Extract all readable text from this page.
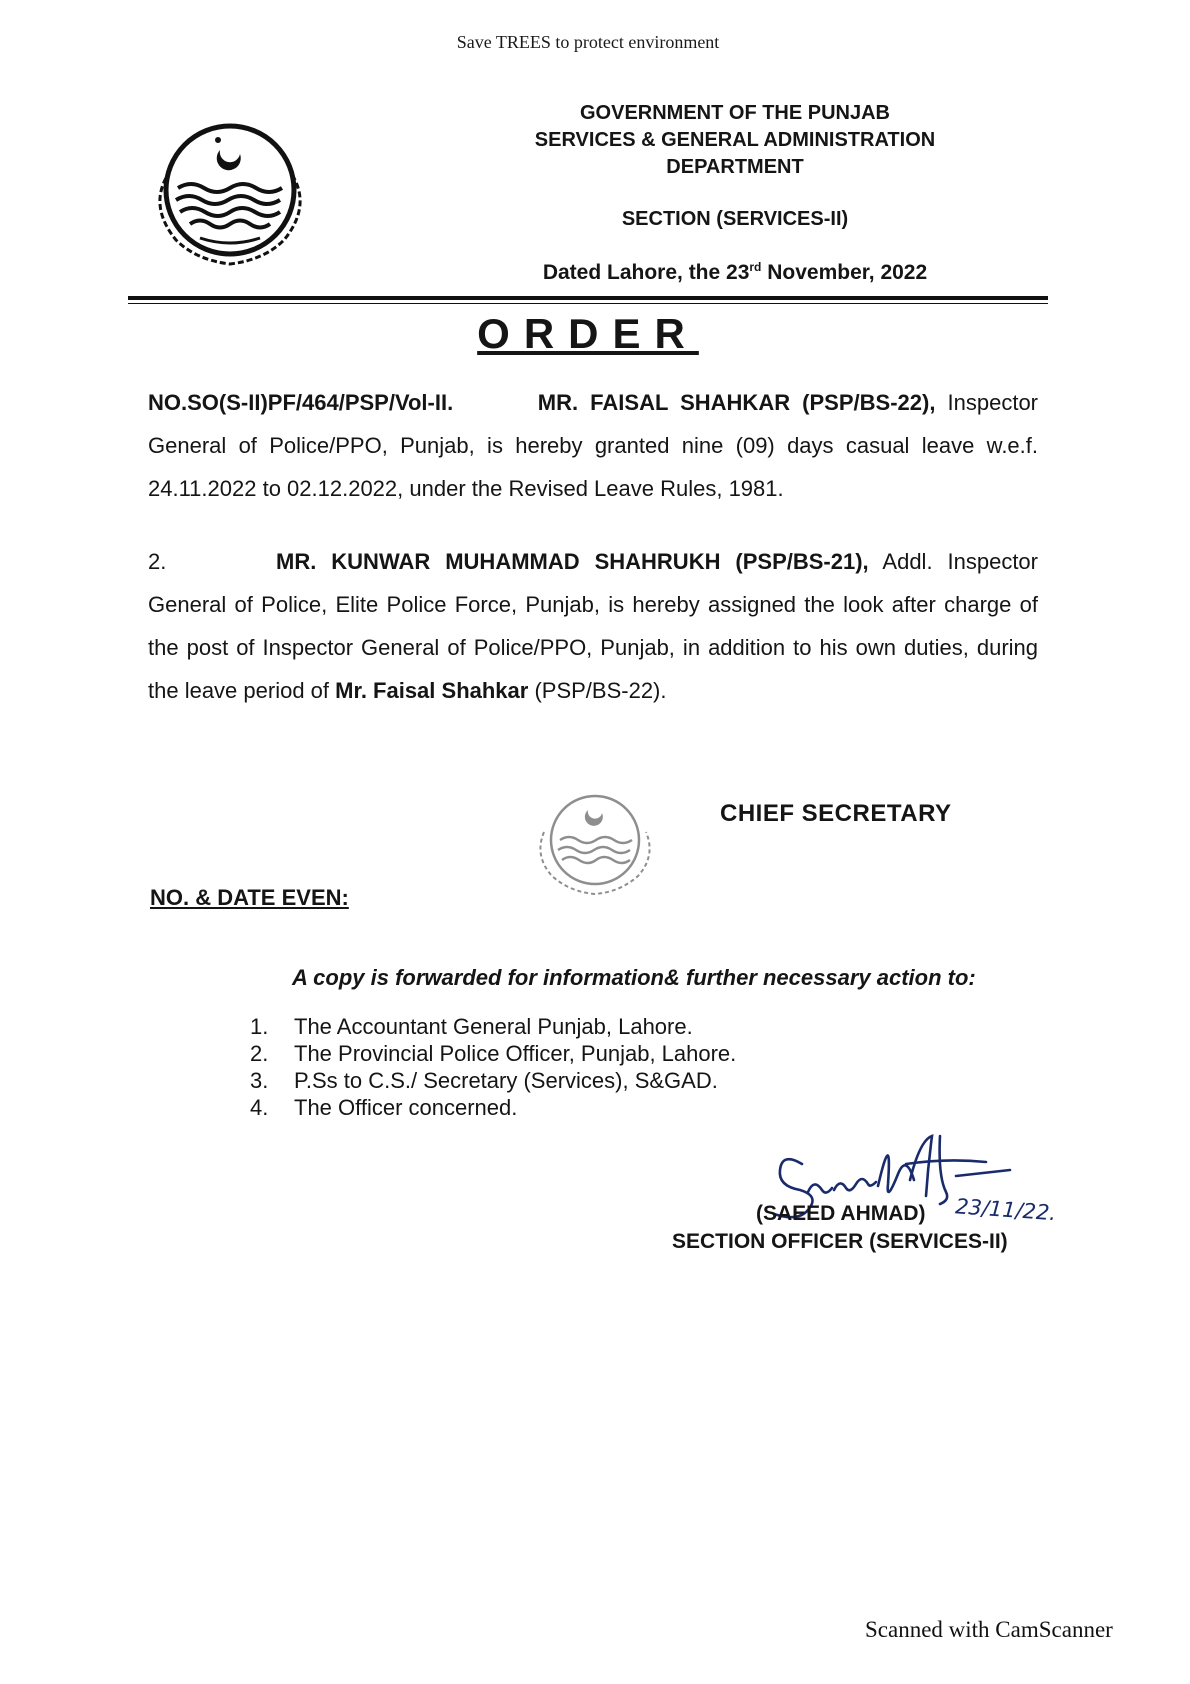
Save TREES to protect environment
GOVERNMENT OF THE PUNJAB
SERVICES & GENERAL ADMINISTRATION
DEPARTMENT
SECTION (SERVICES-II)
Dated Lahore, the 23rd November, 2022
ORDER
NO.SO(S-II)PF/464/PSP/Vol-II.	MR. FAISAL SHAHKAR (PSP/BS-22), Inspector General of Police/PPO, Punjab, is hereby granted nine (09) days casual leave w.e.f. 24.11.2022 to 02.12.2022, under the Revised Leave Rules, 1981.
2.	MR. KUNWAR MUHAMMAD SHAHRUKH (PSP/BS-21), Addl. Inspector General of Police, Elite Police Force, Punjab, is hereby assigned the look after charge of the post of Inspector General of Police/PPO, Punjab, in addition to his own duties, during the leave period of Mr. Faisal Shahkar (PSP/BS-22).
CHIEF SECRETARY
NO. & DATE EVEN:
A copy is forwarded for information& further necessary action to:
1. The Accountant General Punjab, Lahore.
2. The Provincial Police Officer, Punjab, Lahore.
3. P.Ss to C.S./ Secretary (Services), S&GAD.
4. The Officer concerned.
23/11/22.
(SAEED AHMAD)
SECTION OFFICER (SERVICES-II)
Scanned with CamScanner
